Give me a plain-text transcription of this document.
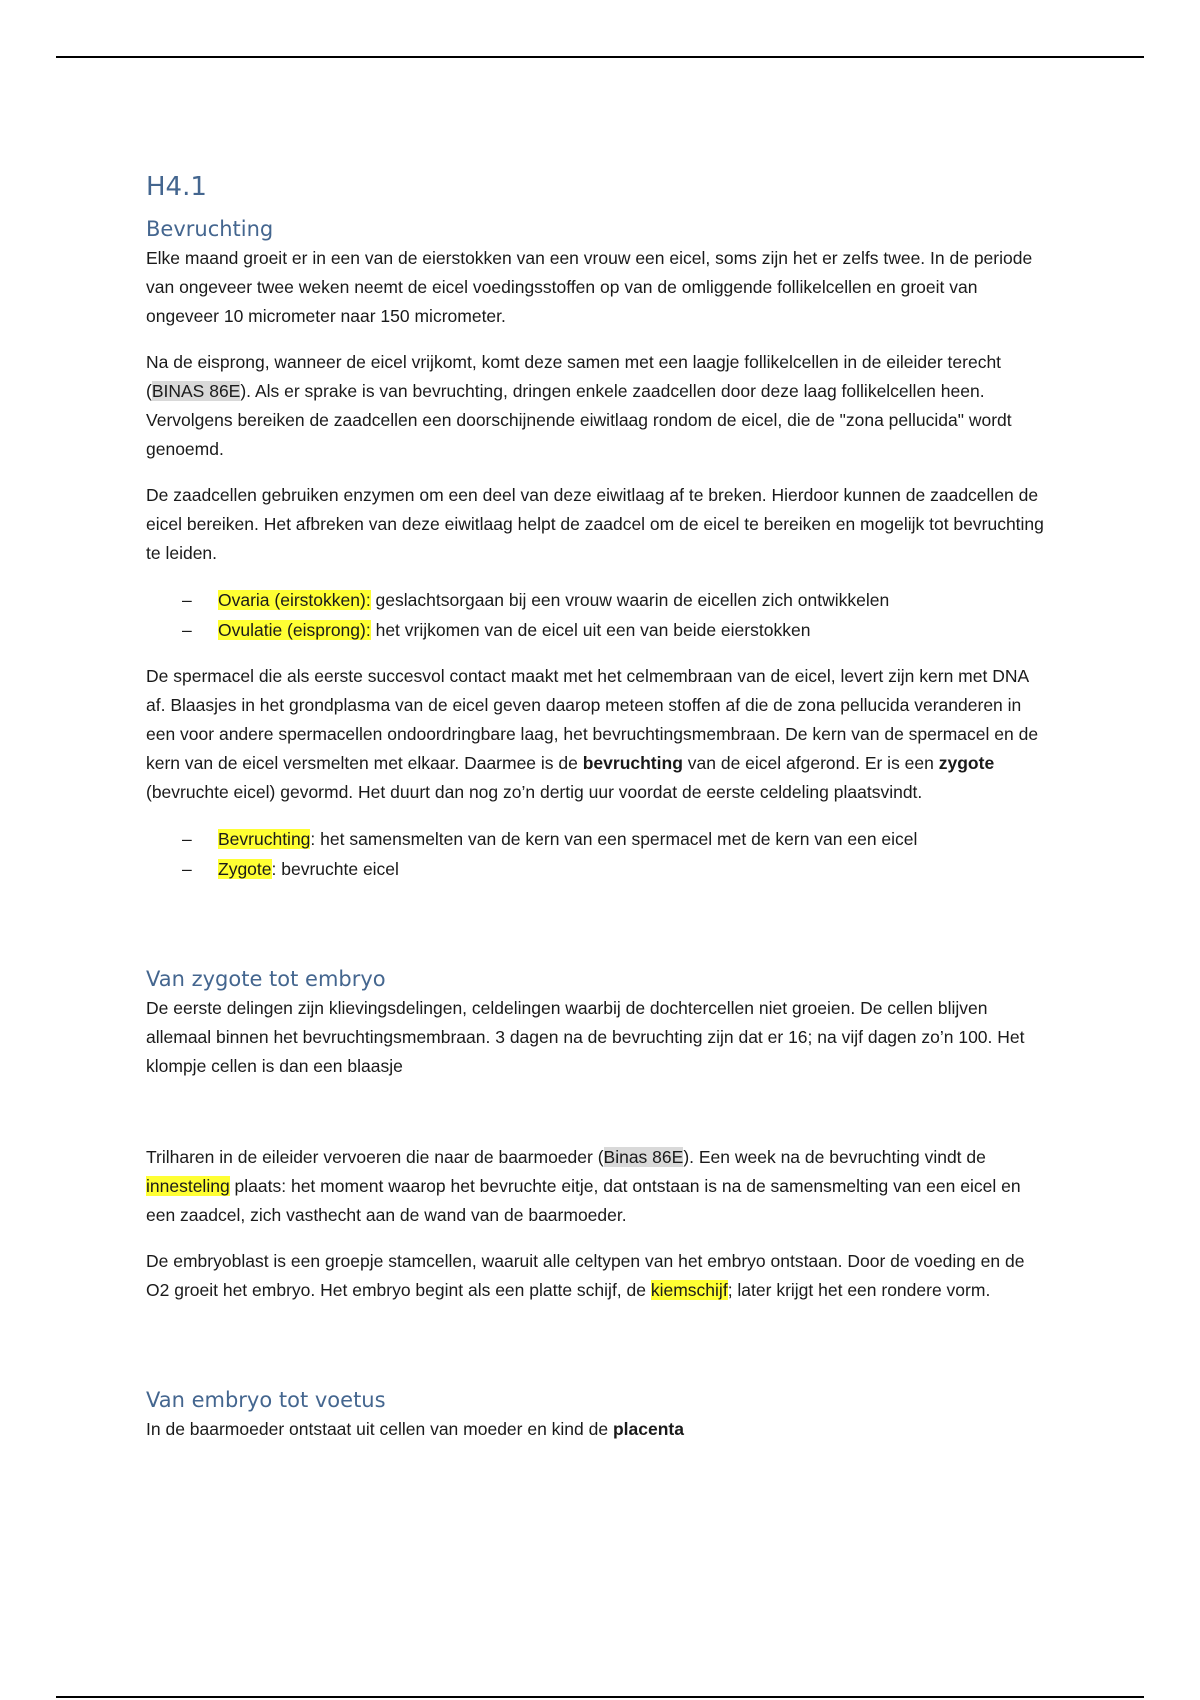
H4.1
Bevruchting

Elke maand groeit er in een van de eierstokken van een vrouw een eicel, soms zijn het er zelfs twee. In de periode van ongeveer twee weken neemt de eicel voedingsstoffen op van de omliggende follikelcellen en groeit van ongeveer 10 micrometer naar 150 micrometer.

Na de eisprong, wanneer de eicel vrijkomt, komt deze samen met een laagje follikelcellen in de eileider terecht (BINAS 86E). Als er sprake is van bevruchting, dringen enkele zaadcellen door deze laag follikelcellen heen. Vervolgens bereiken de zaadcellen een doorschijnende eiwitlaag rondom de eicel, die de "zona pellucida" wordt genoemd.

De zaadcellen gebruiken enzymen om een deel van deze eiwitlaag af te breken. Hierdoor kunnen de zaadcellen de eicel bereiken. Het afbreken van deze eiwitlaag helpt de zaadcel om de eicel te bereiken en mogelijk tot bevruchting te leiden.

– Ovaria (eirstokken): geslachtsorgaan bij een vrouw waarin de eicellen zich ontwikkelen
– Ovulatie (eisprong): het vrijkomen van de eicel uit een van beide eierstokken

De spermacel die als eerste succesvol contact maakt met het celmembraan van de eicel, levert zijn kern met DNA af. Blaasjes in het grondplasma van de eicel geven daarop meteen stoffen af die de zona pellucida veranderen in een voor andere spermacellen ondoordringbare laag, het bevruchtingsmembraan. De kern van de spermacel en de kern van de eicel versmelten met elkaar. Daarmee is de bevruchting van de eicel afgerond. Er is een zygote (bevruchte eicel) gevormd. Het duurt dan nog zo’n dertig uur voordat de eerste celdeling plaatsvindt.

– Bevruchting: het samensmelten van de kern van een spermacel met de kern van een eicel
– Zygote: bevruchte eicel
Van zygote tot embryo

De eerste delingen zijn klievingsdelingen, celdelingen waarbij de dochtercellen niet groeien. De cellen blijven allemaal binnen het bevruchtingsmembraan. 3 dagen na de bevruchting zijn dat er 16; na vijf dagen zo’n 100. Het klompje cellen is dan een blaasje

Trilharen in de eileider vervoeren die naar de baarmoeder (Binas 86E). Een week na de bevruchting vindt de innesteling plaats: het moment waarop het bevruchte eitje, dat ontstaan is na de samensmelting van een eicel en een zaadcel, zich vasthecht aan de wand van de baarmoeder.

De embryoblast is een groepje stamcellen, waaruit alle celtypen van het embryo ontstaan. Door de voeding en de O2 groeit het embryo. Het embryo begint als een platte schijf, de kiemschijf; later krijgt het een rondere vorm.

Van embryo tot voetus

In de baarmoeder ontstaat uit cellen van moeder en kind de placenta
